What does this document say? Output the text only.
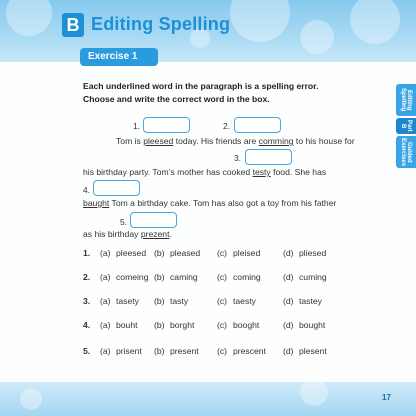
B Editing Spelling
Exercise 1
Editing Spelling
Part B
Guided Exercises
Each underlined word in the paragraph is a spelling error. Choose and write the correct word in the box.
1.	2.
Tom is pleesed today. His friends are comming to his house for
3.
his birthday party. Tom’s mother has cooked testy food. She has
4.
baught Tom a birthday cake. Tom has also got a toy from his father
5.
as his birthday prezent.
1. (a) pleesed (b) pleased (c) pleised	(d) pliesed
2. (a) comeing (b) caming (c) coming	(d) cuming
3. (a) tasety (b) tasty	(c) taesty	(d) tastey
4. (a) bouht (b) borght	(c) booght	(d) bought
5. (a) prisent (b) present (c) prescent (d) plesent
17
